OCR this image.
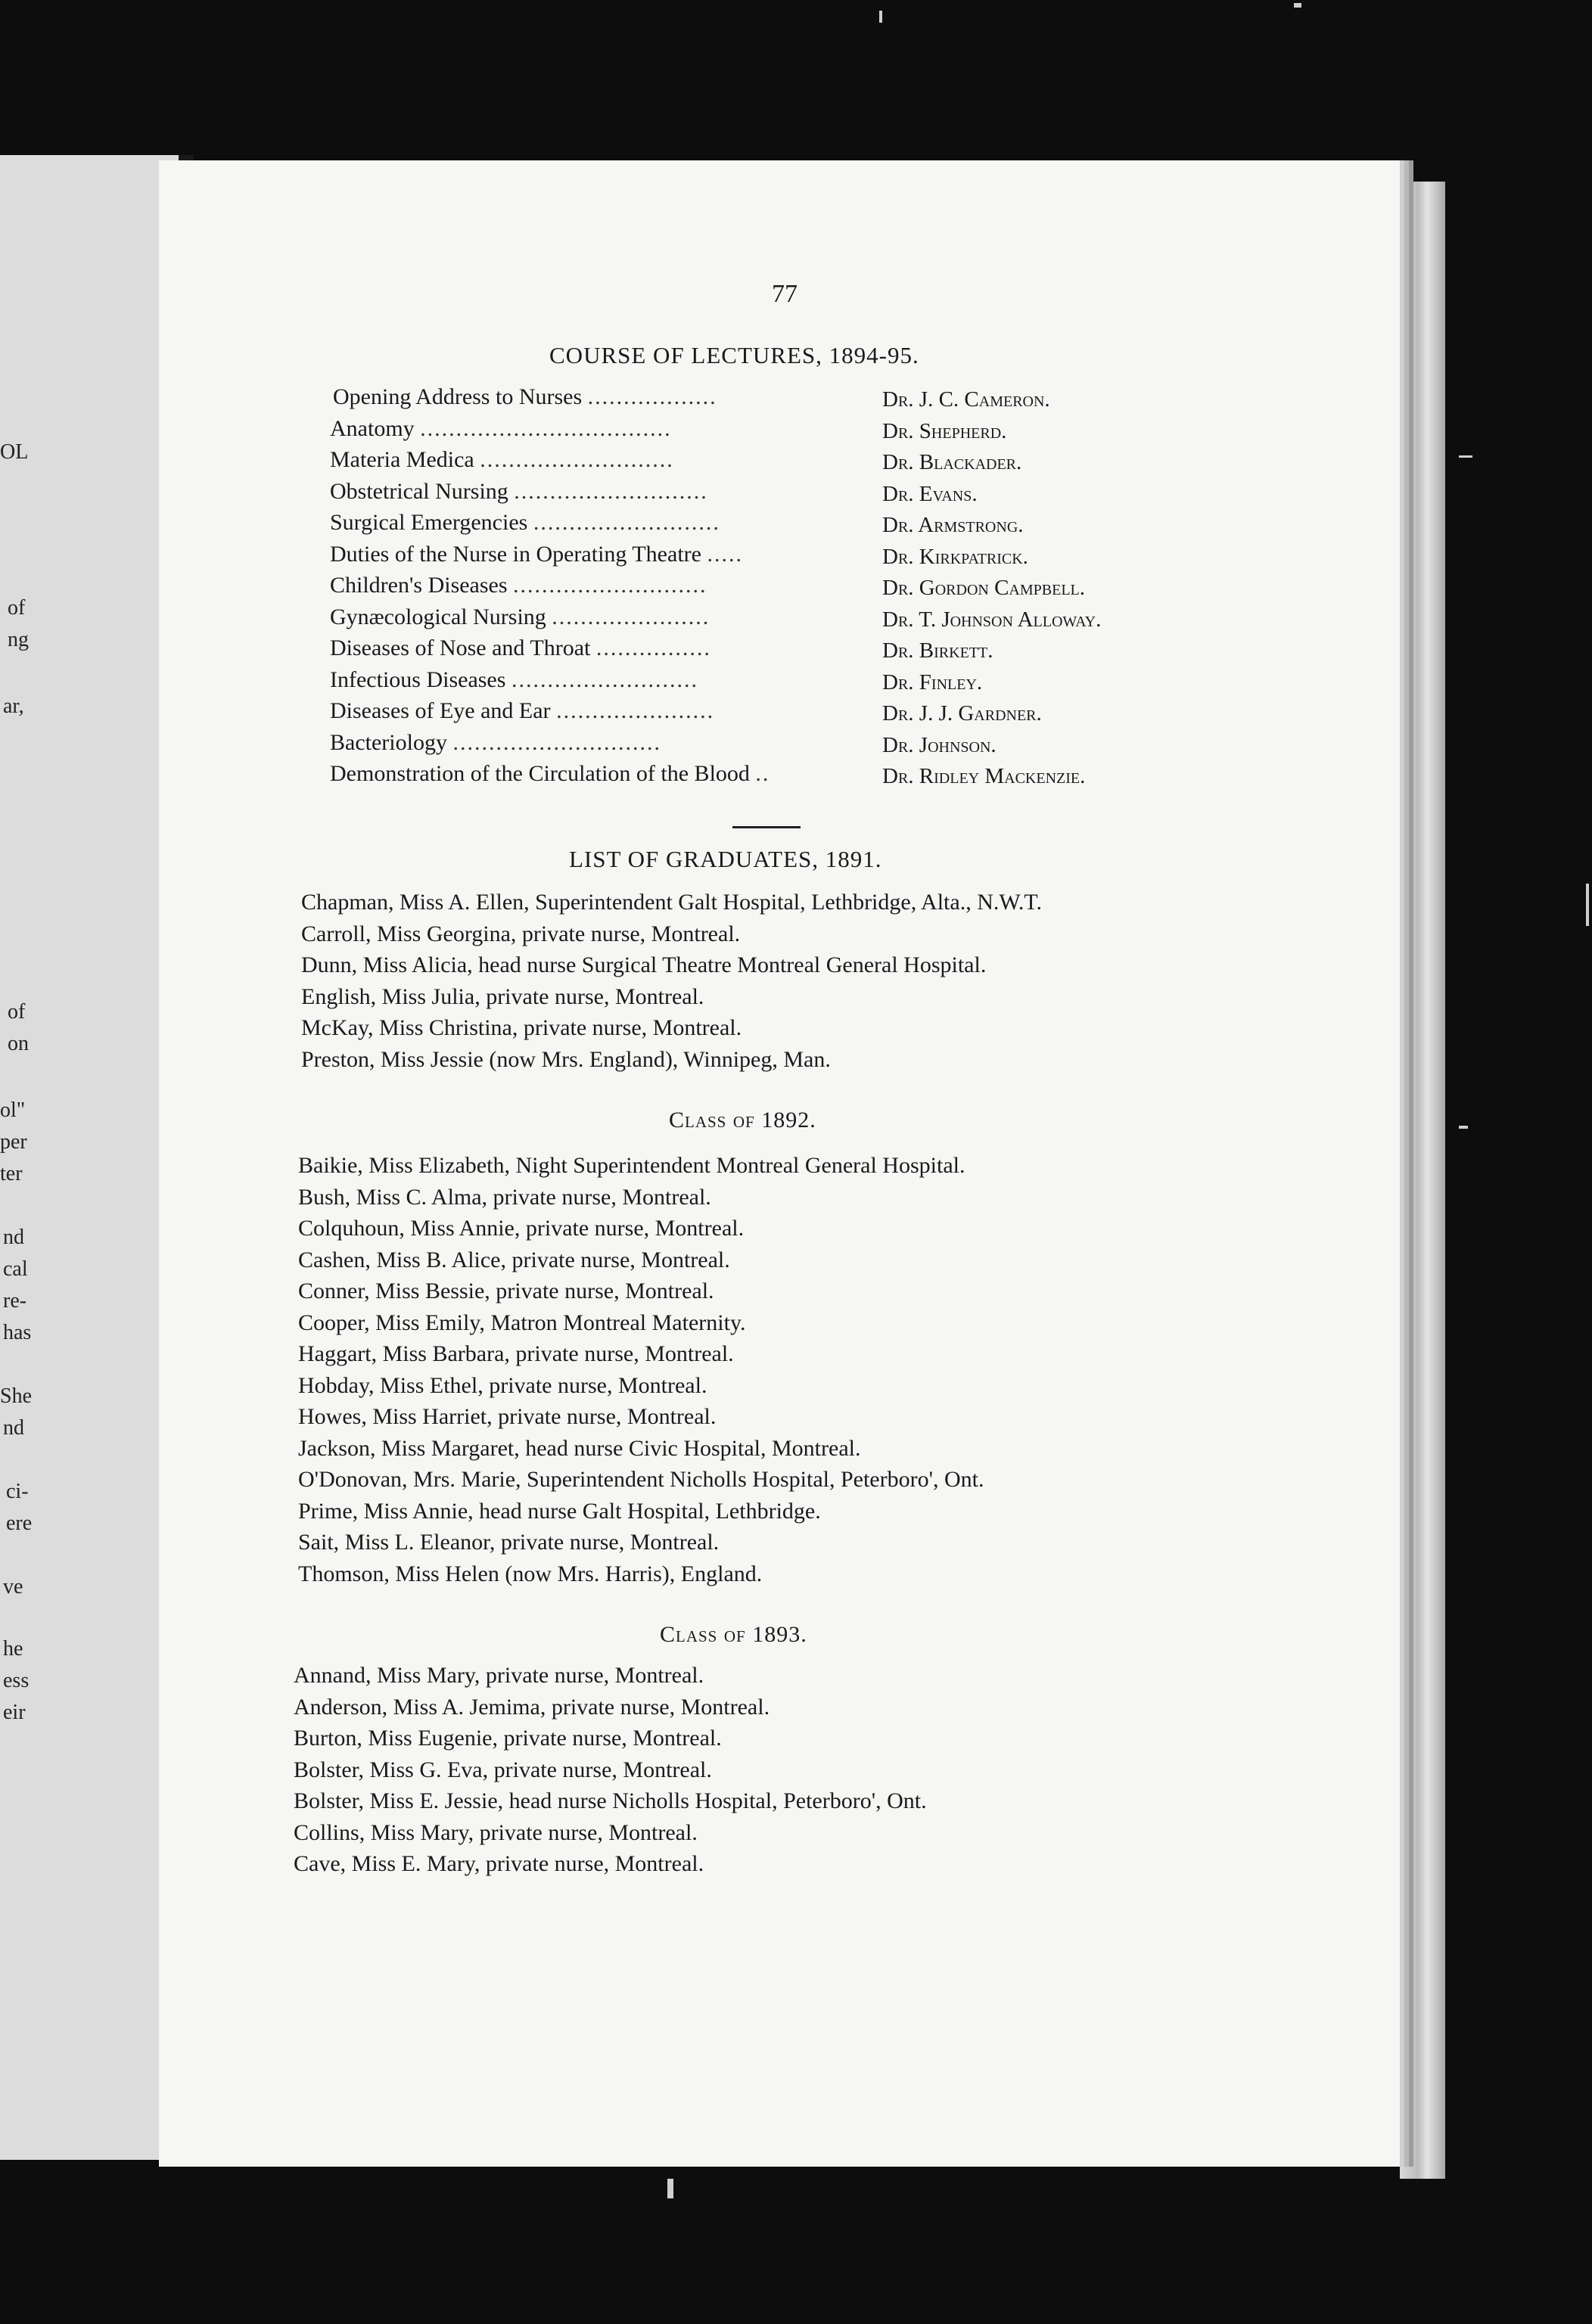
OL
of
ng
ar,
of
on
ol"
per
ter
nd
cal
re-
has
She
nd
ci-
ere
ve
he
ess
eir
77
COURSE OF LECTURES, 1894-95.
Opening Address to Nurses ..................	Dr. J. C. Cameron.
Anatomy ...................................	Dr. Shepherd.
Materia Medica ...........................	Dr. Blackader.
Obstetrical Nursing ...........................	Dr. Evans.
Surgical Emergencies ..........................	Dr. Armstrong.
Duties of the Nurse in Operating Theatre .....	Dr. Kirkpatrick.
Children's Diseases ...........................	Dr. Gordon Campbell.
Gynæcological Nursing ......................	Dr. T. Johnson Alloway.
Diseases of Nose and Throat ................	Dr. Birkett.
Infectious Diseases ..........................	Dr. Finley.
Diseases of Eye and Ear ......................	Dr. J. J. Gardner.
Bacteriology .............................	Dr. Johnson.
Demonstration of the Circulation of the Blood ..	Dr. Ridley Mackenzie.
LIST OF GRADUATES, 1891.
Chapman, Miss A. Ellen, Superintendent Galt Hospital, Lethbridge, Alta., N.W.T.
Carroll, Miss Georgina, private nurse, Montreal.
Dunn, Miss Alicia, head nurse Surgical Theatre Montreal General Hospital.
English, Miss Julia, private nurse, Montreal.
McKay, Miss Christina, private nurse, Montreal.
Preston, Miss Jessie (now Mrs. England), Winnipeg, Man.
Class of 1892.
Baikie, Miss Elizabeth, Night Superintendent Montreal General Hospital.
Bush, Miss C. Alma, private nurse, Montreal.
Colquhoun, Miss Annie, private nurse, Montreal.
Cashen, Miss B. Alice, private nurse, Montreal.
Conner, Miss Bessie, private nurse, Montreal.
Cooper, Miss Emily, Matron Montreal Maternity.
Haggart, Miss Barbara, private nurse, Montreal.
Hobday, Miss Ethel, private nurse, Montreal.
Howes, Miss Harriet, private nurse, Montreal.
Jackson, Miss Margaret, head nurse Civic Hospital, Montreal.
O'Donovan, Mrs. Marie, Superintendent Nicholls Hospital, Peterboro', Ont.
Prime, Miss Annie, head nurse Galt Hospital, Lethbridge.
Sait, Miss L. Eleanor, private nurse, Montreal.
Thomson, Miss Helen (now Mrs. Harris), England.
Class of 1893.
Annand, Miss Mary, private nurse, Montreal.
Anderson, Miss A. Jemima, private nurse, Montreal.
Burton, Miss Eugenie, private nurse, Montreal.
Bolster, Miss G. Eva, private nurse, Montreal.
Bolster, Miss E. Jessie, head nurse Nicholls Hospital, Peterboro', Ont.
Collins, Miss Mary, private nurse, Montreal.
Cave, Miss E. Mary, private nurse, Montreal.
